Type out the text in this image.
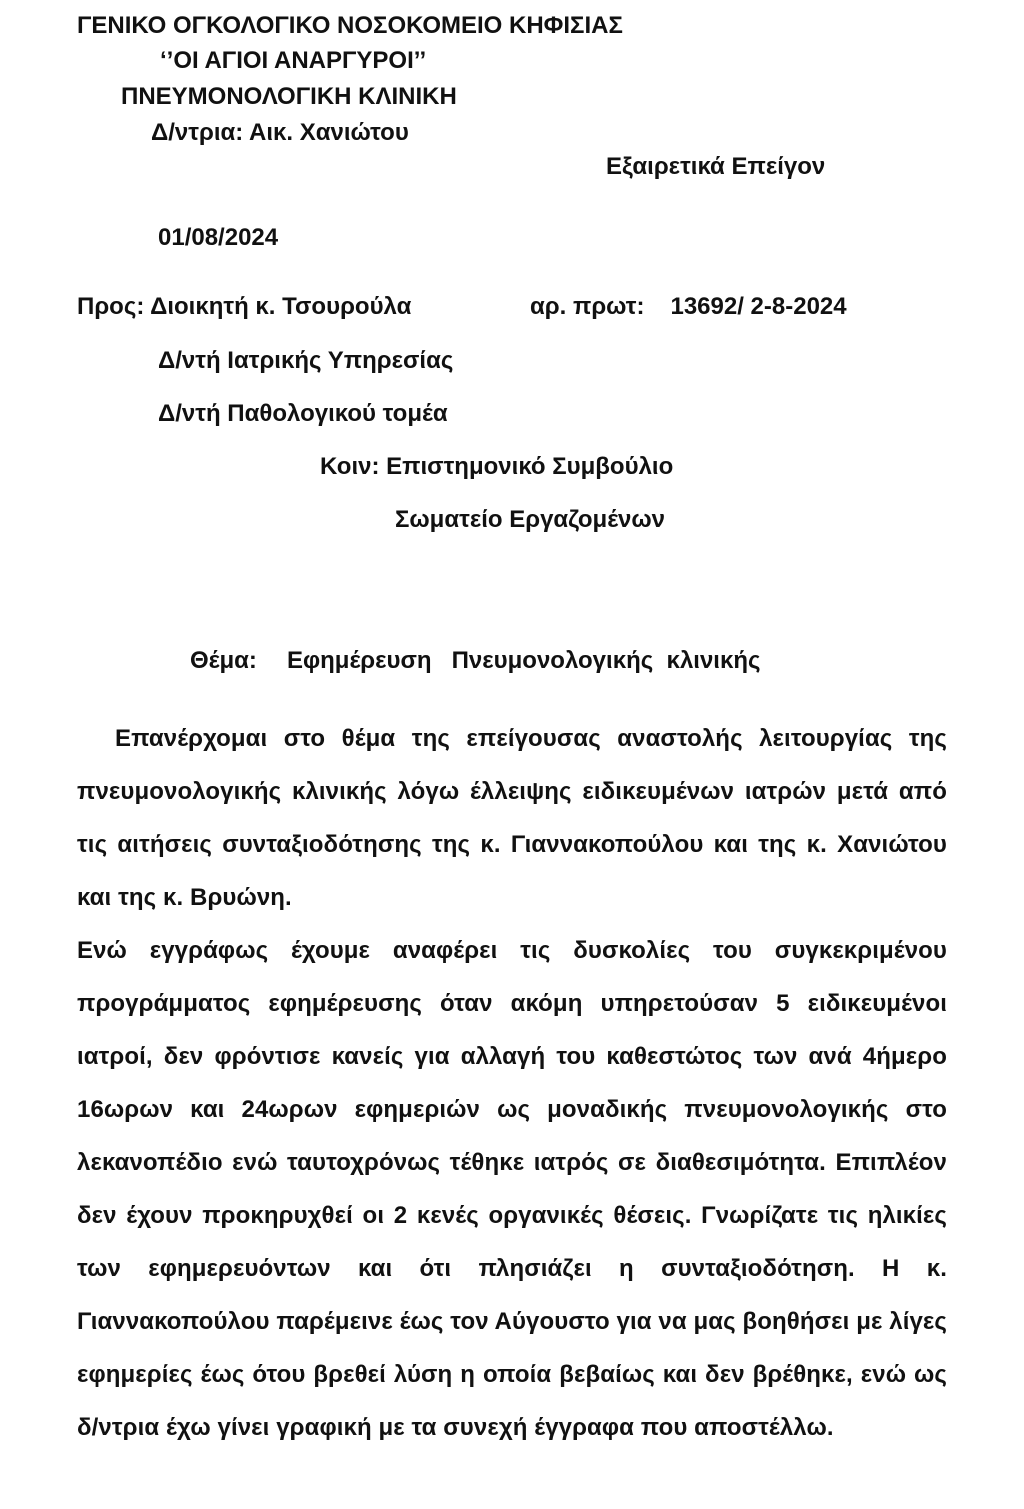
ΓΕΝΙΚΟ ΟΓΚΟΛΟΓΙΚΟ ΝΟΣΟΚΟΜΕΙΟ ΚΗΦΙΣΙΑΣ
‘’ΟΙ ΑΓΙΟΙ ΑΝΑΡΓΥΡΟΙ’’
ΠΝΕΥΜΟΝΟΛΟΓΙΚΗ ΚΛΙΝΙΚΗ
Δ/ντρια: Αικ. Χανιώτου
Εξαιρετικά Επείγον
01/08/2024
Προς: Διοικητή κ. Τσουρούλα	αρ. πρωτ: 13692/ 2-8-2024
Δ/ντή Ιατρικής Υπηρεσίας
Δ/ντή Παθολογικού τομέα
Κοιν: Επιστημονικό Συμβούλιο
Σωματείο Εργαζομένων
Θέμα: Εφημέρευση Πνευμονολογικής  κλινικής

Επανέρχομαι στο θέμα της επείγουσας αναστολής λειτουργίας της πνευμονολογικής κλινικής λόγω έλλειψης ειδικευμένων ιατρών μετά από τις αιτήσεις συνταξιοδότησης της κ. Γιαννακοπούλου και της κ. Χανιώτου και της κ. Βρυώνη.

Ενώ εγγράφως έχουμε αναφέρει τις δυσκολίες του συγκεκριμένου προγράμματος εφημέρευσης όταν ακόμη υπηρετούσαν 5 ειδικευμένοι ιατροί, δεν φρόντισε κανείς για αλλαγή του καθεστώτος των ανά 4ήμερο 16ωρων και 24ωρων εφημεριών ως μοναδικής πνευμονολογικής στο λεκανοπέδιο ενώ ταυτοχρόνως τέθηκε ιατρός σε διαθεσιμότητα. Επιπλέον δεν έχουν προκηρυχθεί οι 2 κενές οργανικές θέσεις. Γνωρίζατε τις ηλικίες των εφημερευόντων και ότι πλησιάζει η συνταξιοδότηση. Η κ. Γιαννακοπούλου παρέμεινε έως τον Αύγουστο για να μας βοηθήσει με λίγες εφημερίες έως ότου βρεθεί λύση η οποία βεβαίως και δεν βρέθηκε, ενώ ως δ/ντρια έχω γίνει γραφική με τα συνεχή έγγραφα που αποστέλλω.
